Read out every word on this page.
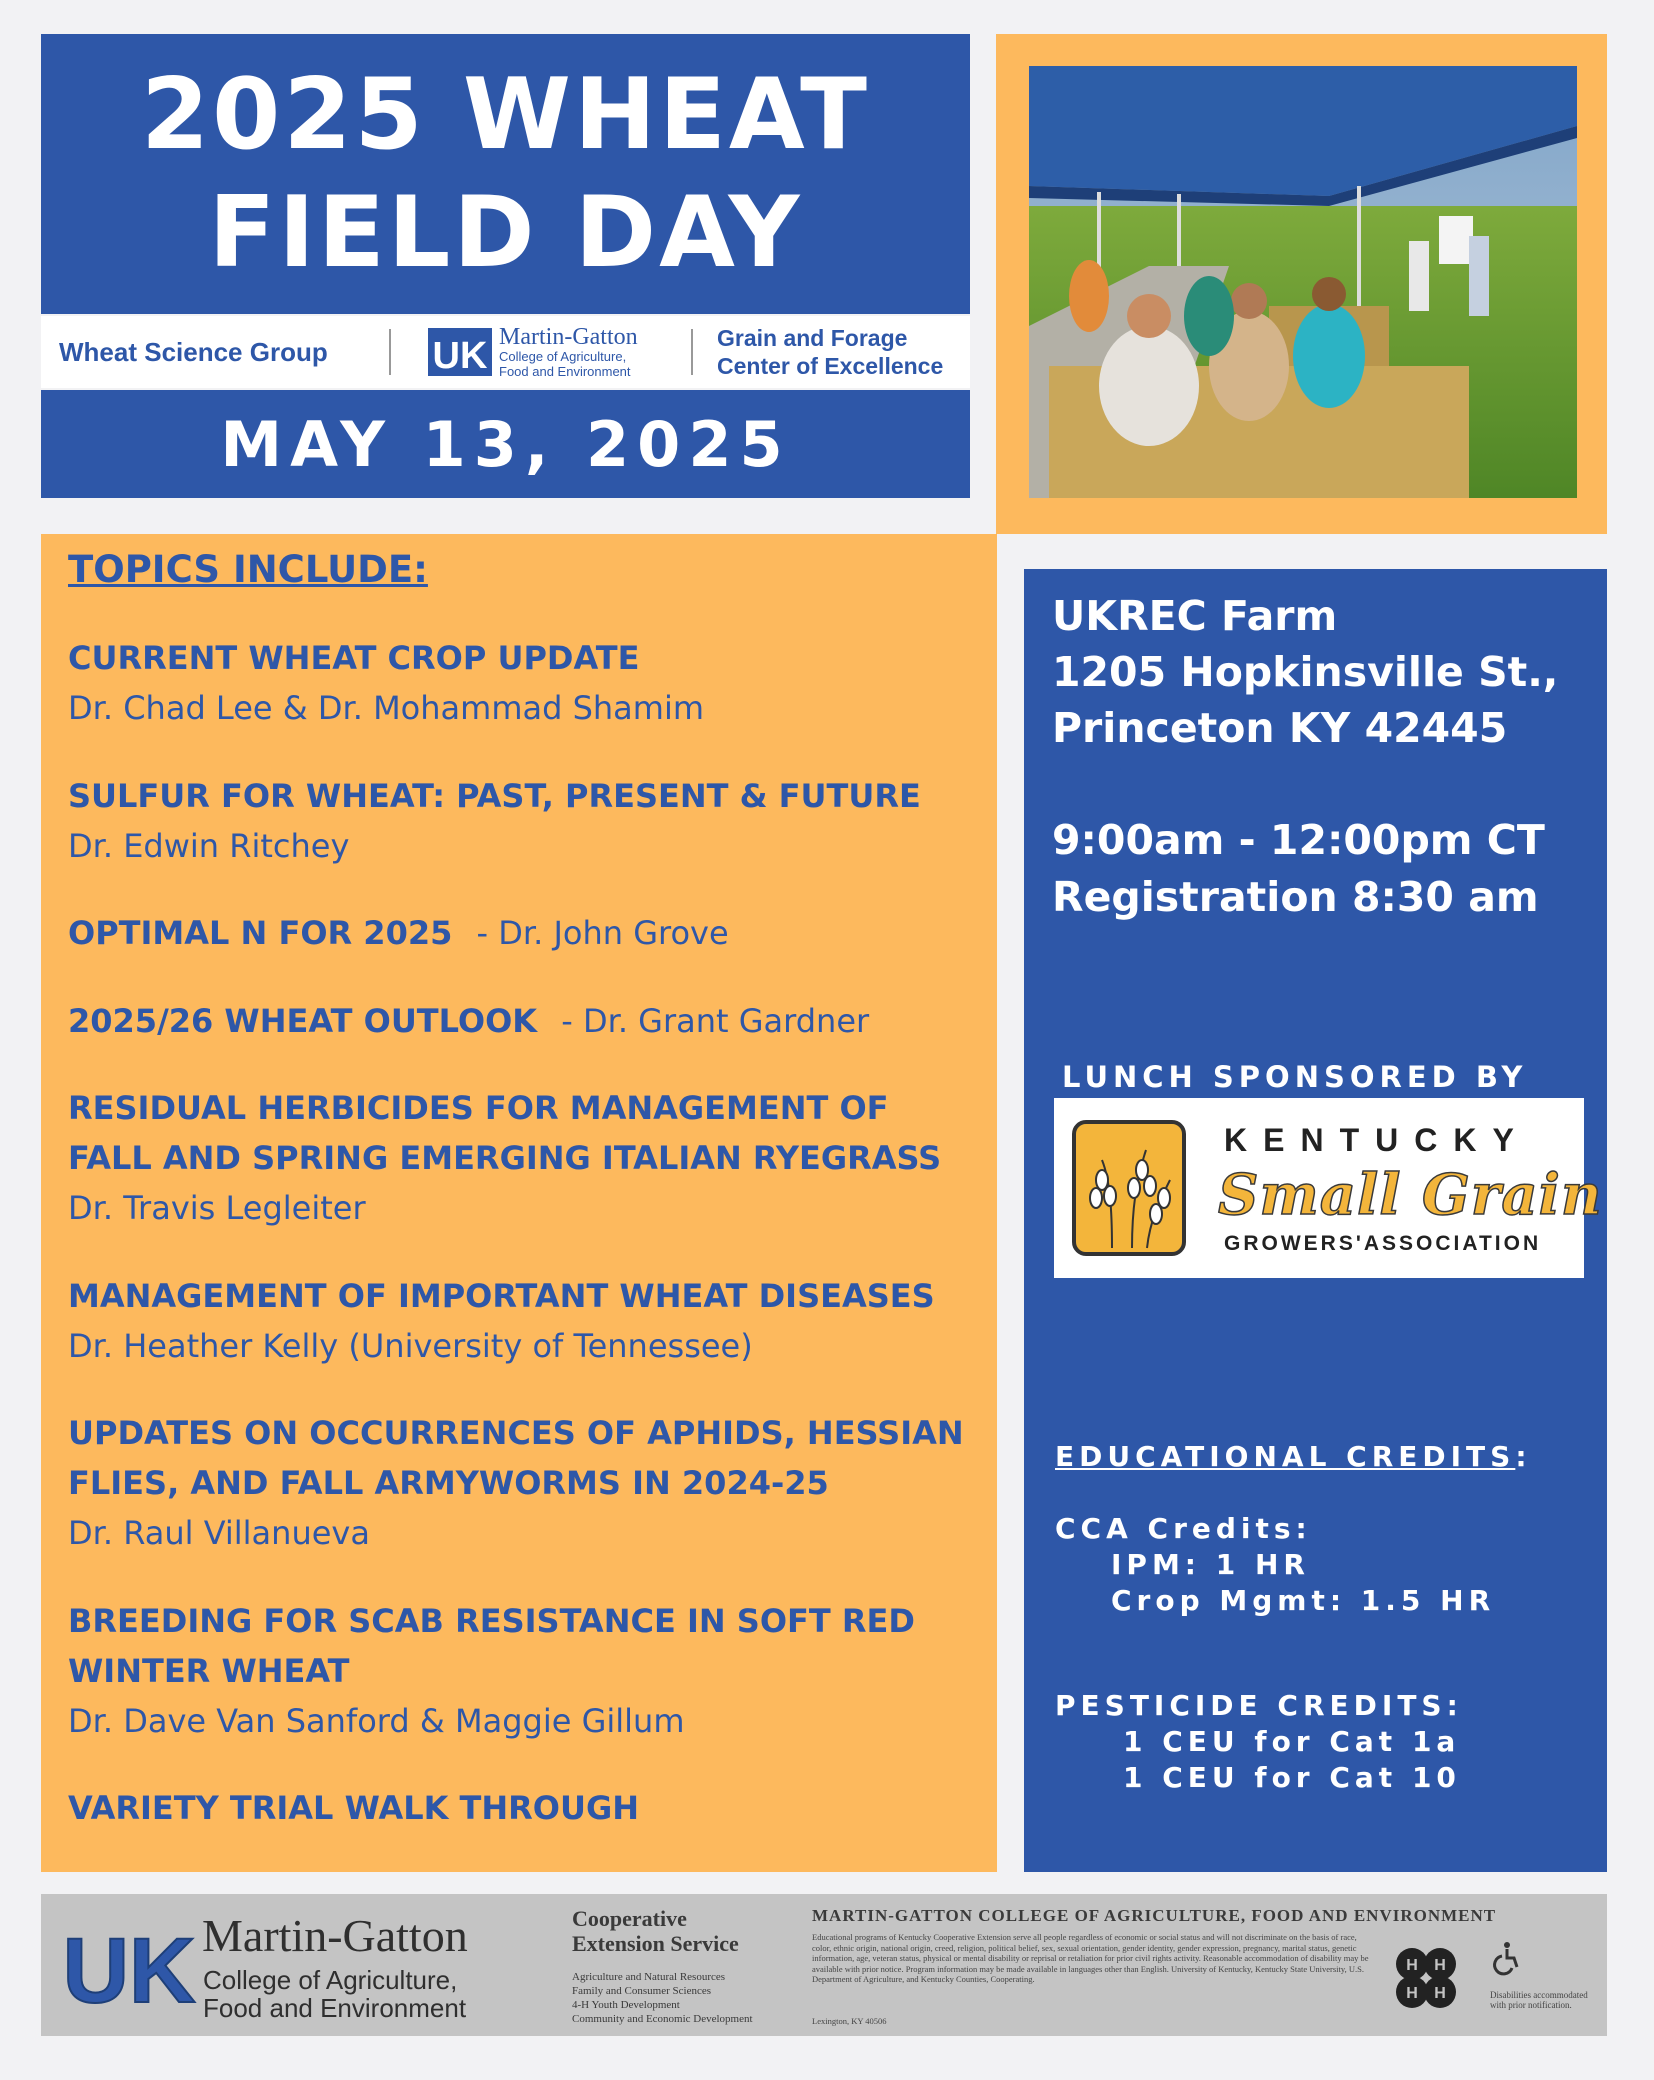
2025 WHEAT
FIELD DAY
Wheat Science Group	UK Martin-Gatton
College of Agriculture,
Food and Environment
Grain and Forage
Center of Excellence
MAY 13, 2025
TOPICS INCLUDE:
CURRENT WHEAT CROP UPDATE
Dr. Chad Lee & Dr. Mohammad Shamim
SULFUR FOR WHEAT: PAST, PRESENT & FUTURE
Dr. Edwin Ritchey
OPTIMAL N FOR 2025 - Dr. John Grove
2025/26 WHEAT OUTLOOK - Dr. Grant Gardner
RESIDUAL HERBICIDES FOR MANAGEMENT OF
FALL AND SPRING EMERGING ITALIAN RYEGRASS
Dr. Travis Legleiter
MANAGEMENT OF IMPORTANT WHEAT DISEASES
Dr. Heather Kelly (University of Tennessee)
UPDATES ON OCCURRENCES OF APHIDS, HESSIAN
FLIES, AND FALL ARMYWORMS IN 2024-25
Dr. Raul Villanueva
BREEDING FOR SCAB RESISTANCE IN SOFT RED
WINTER WHEAT
Dr. Dave Van Sanford & Maggie Gillum
VARIETY TRIAL WALK THROUGH
UKREC Farm
1205 Hopkinsville St.,
Princeton KY 42445
9:00am - 12:00pm CT
Registration 8:30 am
LUNCH SPONSORED BY
KENTUCKY
Small Grain
GROWERS'ASSOCIATION
EDUCATIONAL CREDITS:
CCA Credits:
IPM: 1 HR
Crop Mgmt: 1.5 HR
PESTICIDE CREDITS:
1 CEU for Cat 1a
1 CEU for Cat 10
UK Martin-Gatton
College of Agriculture,
Food and Environment
Cooperative
Extension Service
Agriculture and Natural Resources
Family and Consumer Sciences
4-H Youth Development
Community and Economic Development
MARTIN-GATTON COLLEGE OF AGRICULTURE, FOOD AND ENVIRONMENT
Educational programs of Kentucky Cooperative Extension serve all people regardless of economic or social status and will not discriminate on the basis of race, color, ethnic origin, national origin, creed, religion, political belief, sex, sexual orientation, gender identity, gender expression, pregnancy, marital status, genetic information, age, veteran status, physical or mental disability or reprisal or retaliation for prior civil rights activity. Reasonable accommodation of disability may be available with prior notice. Program information may be made available in languages other than English. University of Kentucky, Kentucky State University, U.S. Department of Agriculture, and Kentucky Counties, Cooperating.
Lexington, KY 40506
H H
H H	Disabilities accommodated with prior notification.
